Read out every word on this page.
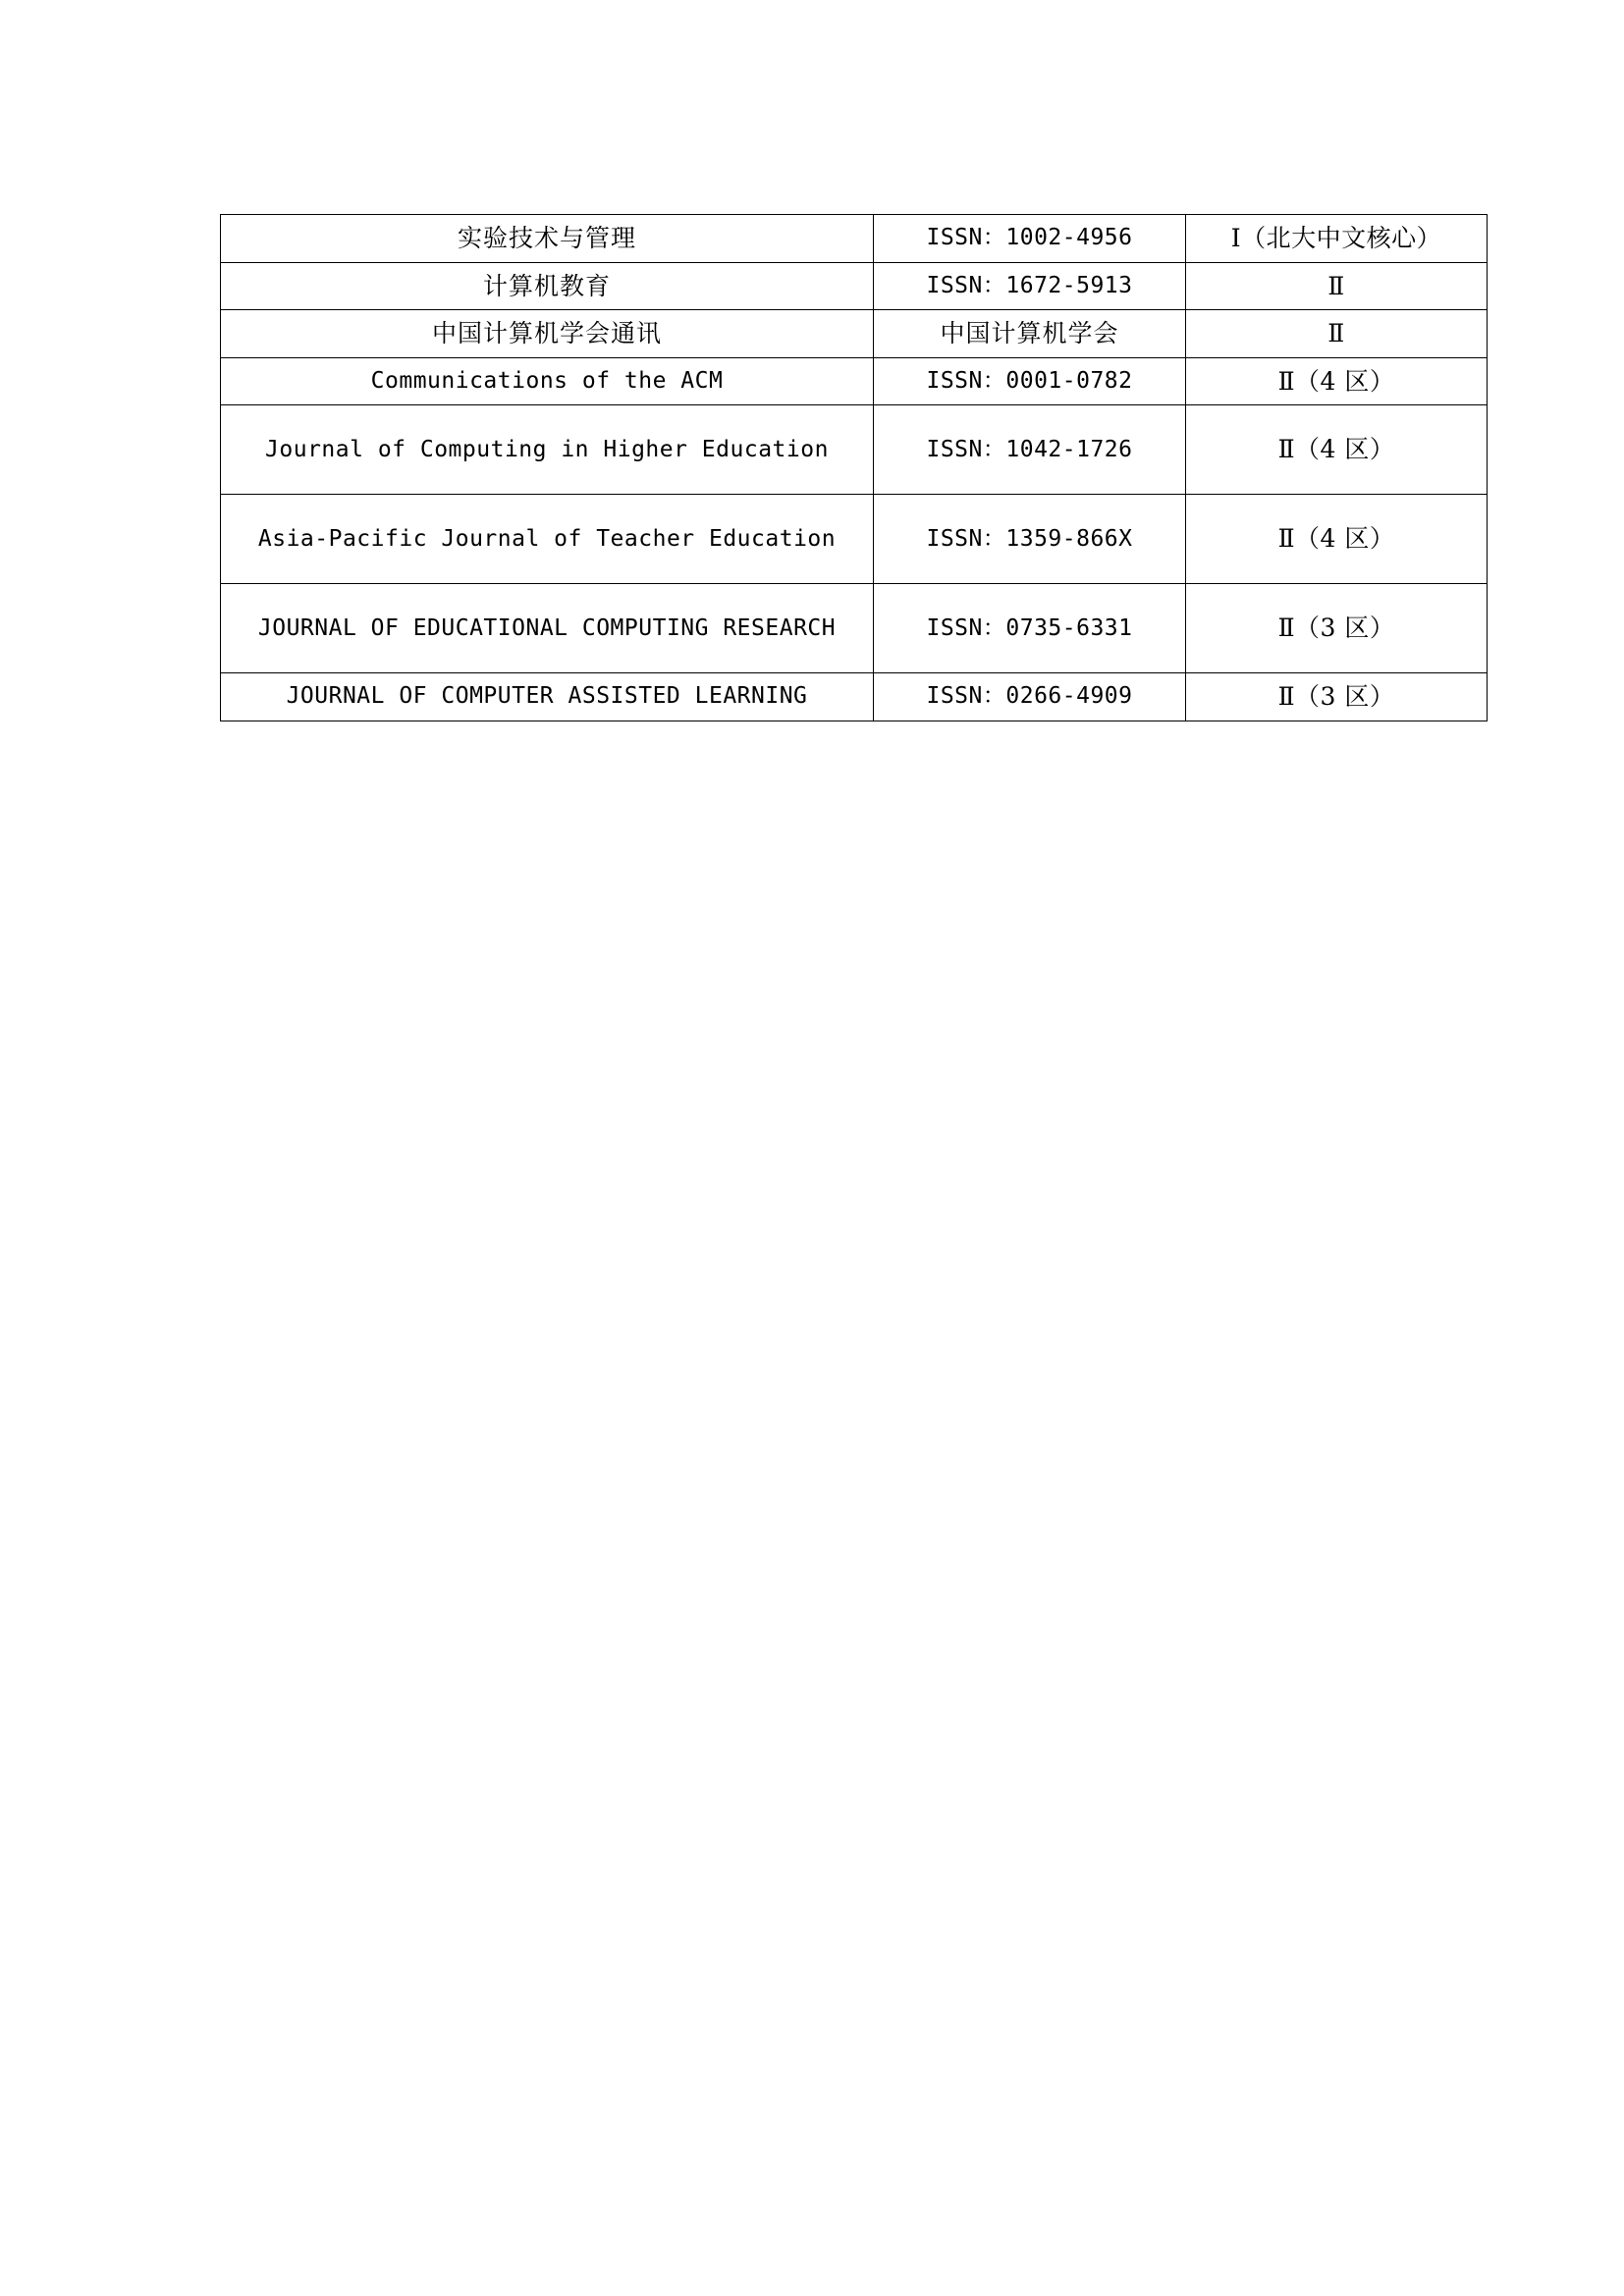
实验技术与管理	ISSN：1002-4956	Ⅰ（北大中文核心）
计算机教育	ISSN：1672-5913	Ⅱ
中国计算机学会通讯	中国计算机学会	Ⅱ
Communications of the ACM	ISSN：0001-0782	Ⅱ（4 区）
Journal of Computing in Higher Education	ISSN：1042-1726	Ⅱ（4 区）
Asia-Pacific Journal of Teacher Education	ISSN：1359-866X	Ⅱ（4 区）
JOURNAL OF EDUCATIONAL COMPUTING RESEARCH	ISSN：0735-6331	Ⅱ（3 区）
JOURNAL OF COMPUTER ASSISTED LEARNING	ISSN：0266-4909	Ⅱ（3 区）
